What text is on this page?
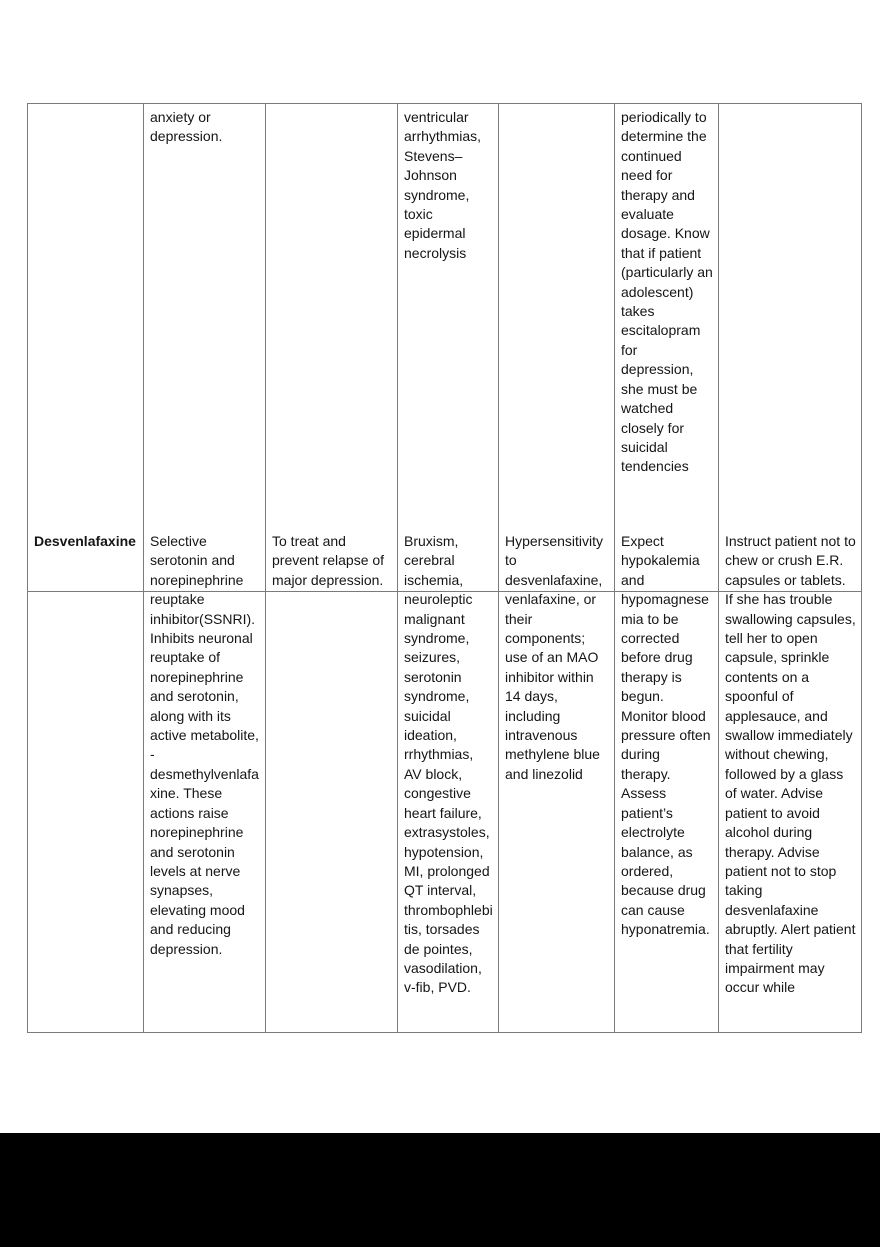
Desvenlafaxine
anxiety or depression.
Selective serotonin and norepinephrine reuptake inhibitor(SSNRI). Inhibits neuronal reuptake of norepinephrine and serotonin, along with its active metabolite, -desmethylvenlafaxine. These actions raise norepinephrine and serotonin levels at nerve synapses, elevating mood and reducing depression.
To treat and prevent relapse of major depression.
ventricular arrhythmias, Stevens–Johnson syndrome, toxic epidermal necrolysis
Bruxism, cerebral ischemia, neuroleptic malignant syndrome, seizures, serotonin syndrome, suicidal ideation, rrhythmias, AV block, congestive heart failure, extrasystoles, hypotension, MI, prolonged QT interval, thrombophlebitis, torsades de pointes, vasodilation, v-fib, PVD.
Hypersensitivity to desvenlafaxine, venlafaxine, or their components; use of an MAO inhibitor within 14 days, including intravenous methylene blue and linezolid
periodically to determine the continued need for therapy and evaluate dosage. Know that if patient (particularly an adolescent) takes escitalopram for depression, she must be watched closely for suicidal tendencies
Expect hypokalemia and hypomagnesemia to be corrected before drug therapy is begun. Monitor blood pressure often during therapy. Assess patient’s electrolyte balance, as ordered, because drug can cause hyponatremia.
Instruct patient not to chew or crush E.R. capsules or tablets. If she has trouble swallowing capsules, tell her to open capsule, sprinkle contents on a spoonful of applesauce, and swallow immediately without chewing, followed by a glass of water. Advise patient to avoid alcohol during therapy. Advise patient not to stop taking desvenlafaxine abruptly. Alert patient that fertility impairment may occur while
